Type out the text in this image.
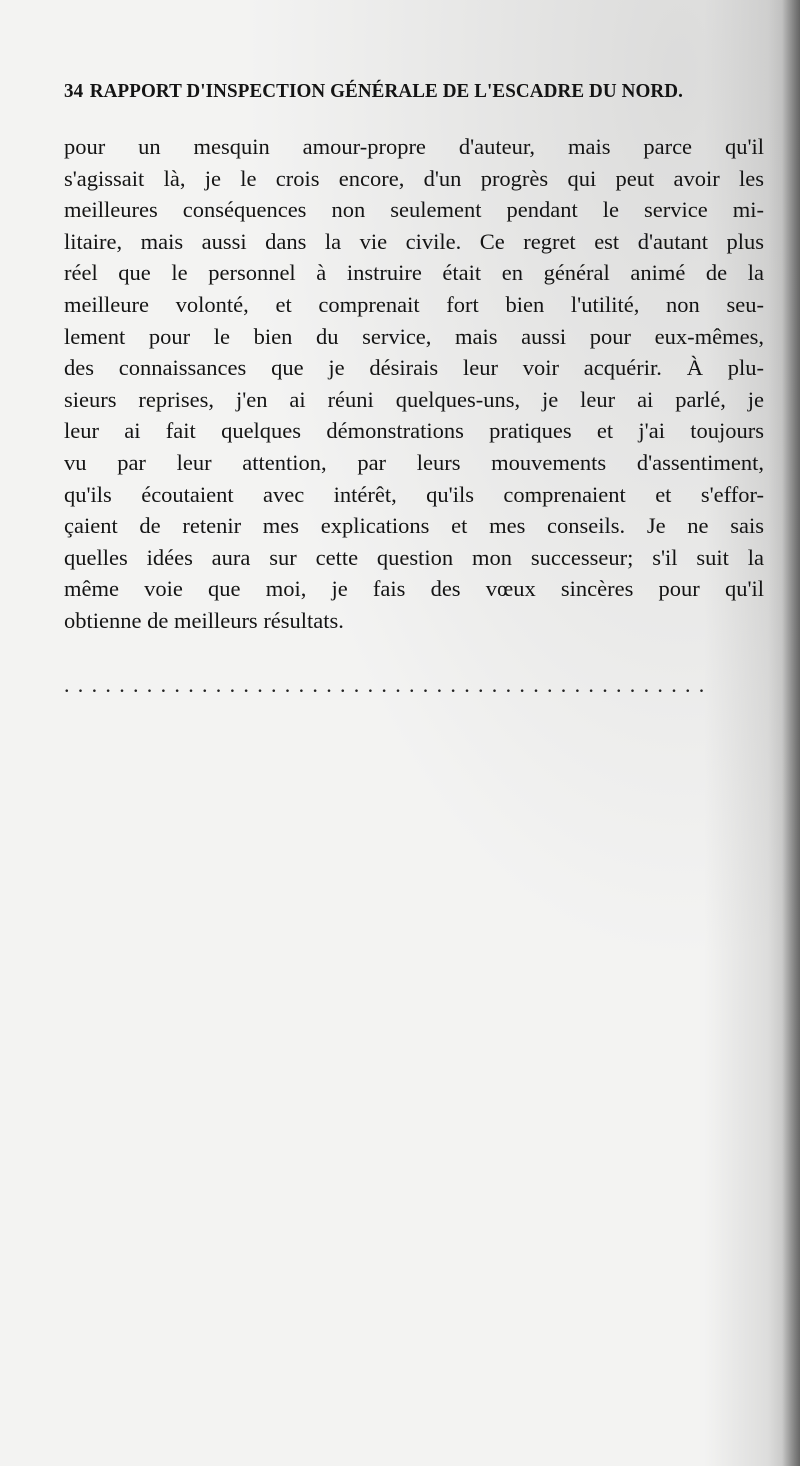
34 RAPPORT D'INSPECTION GÉNÉRALE DE L'ESCADRE DU NORD.
pour un mesquin amour-propre d'auteur, mais parce qu'il
s'agissait là, je le crois encore, d'un progrès qui peut avoir les
meilleures conséquences non seulement pendant le service mi-
litaire, mais aussi dans la vie civile. Ce regret est d'autant plus
réel que le personnel à instruire était en général animé de la
meilleure volonté, et comprenait fort bien l'utilité, non seu-
lement pour le bien du service, mais aussi pour eux-mêmes,
des connaissances que je désirais leur voir acquérir. À plu-
sieurs reprises, j'en ai réuni quelques-uns, je leur ai parlé, je
leur ai fait quelques démonstrations pratiques et j'ai toujours
vu par leur attention, par leurs mouvements d'assentiment,
qu'ils écoutaient avec intérêt, qu'ils comprenaient et s'effor-
çaient de retenir mes explications et mes conseils. Je ne sais
quelles idées aura sur cette question mon successeur; s'il suit la
même voie que moi, je fais des vœux sincères pour qu'il
obtienne de meilleurs résultats.
...............................................
